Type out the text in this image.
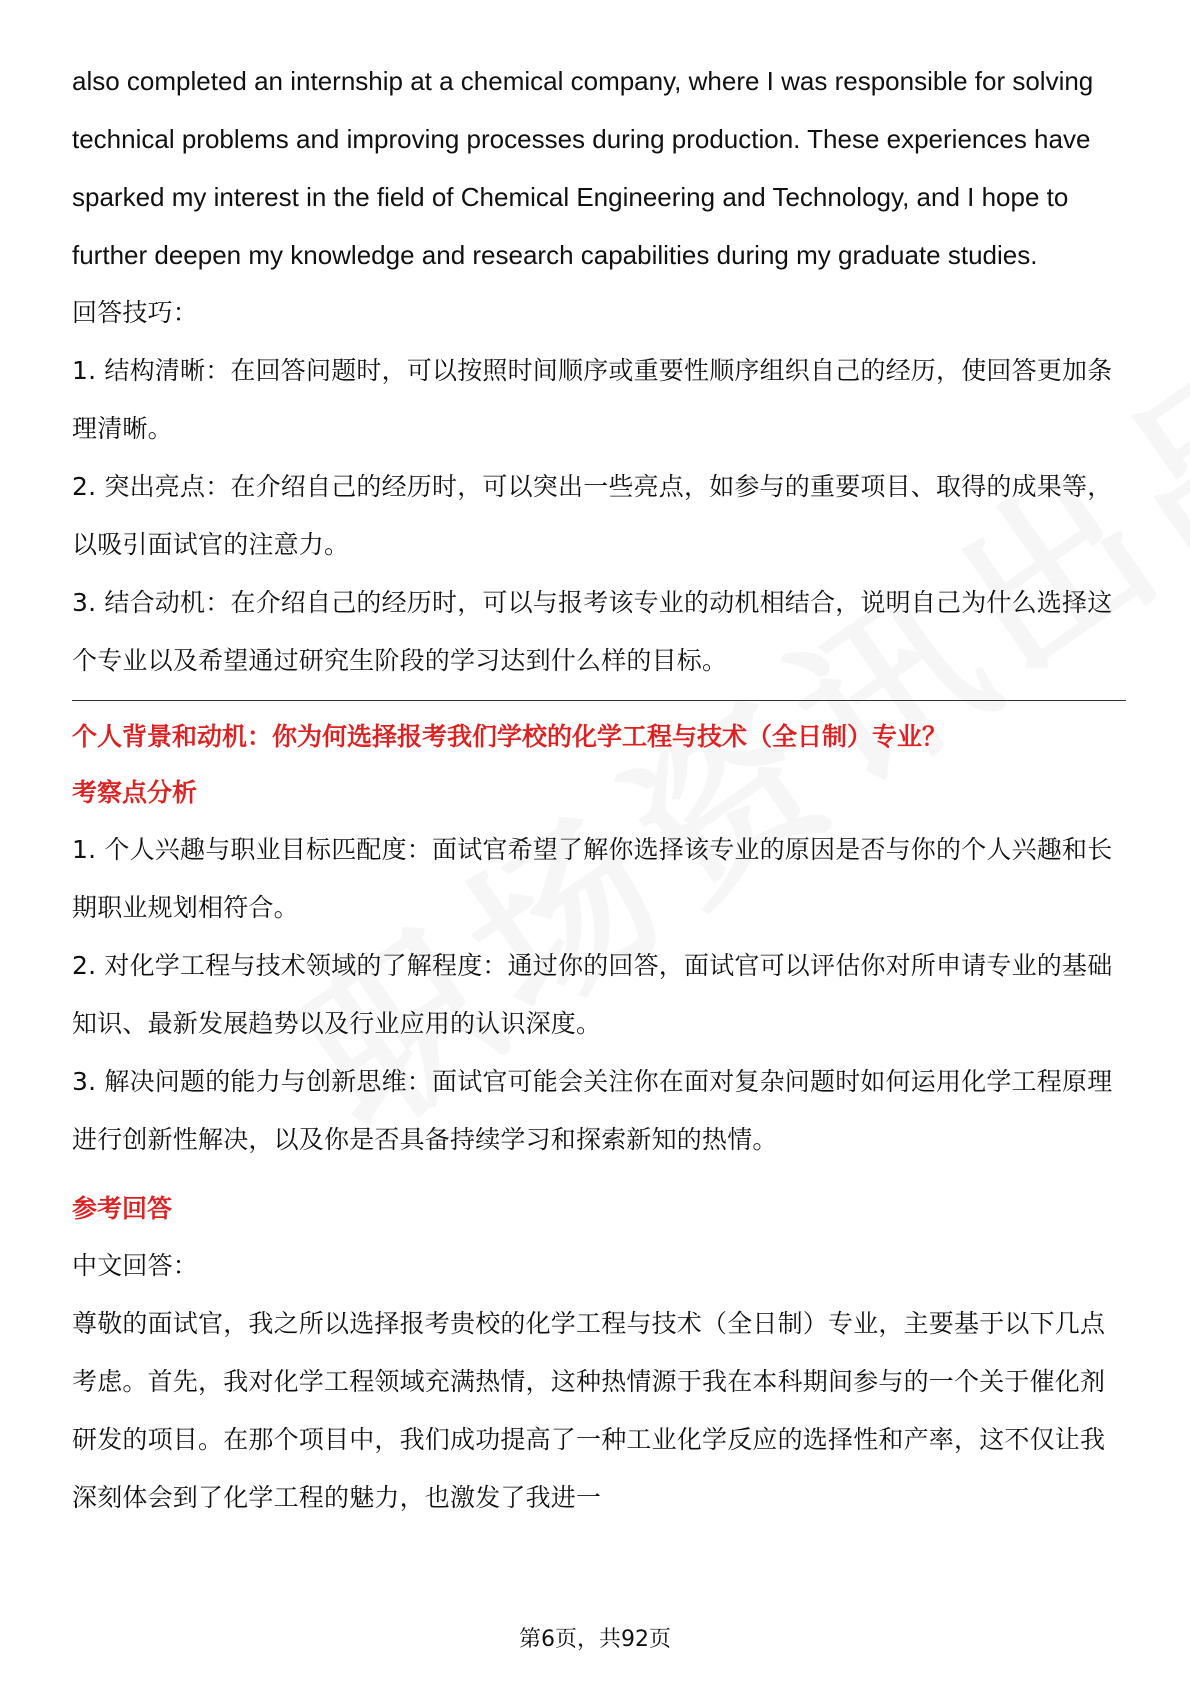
also completed an internship at a chemical company, where I was responsible for solving technical problems and improving processes during production. These experiences have sparked my interest in the field of Chemical Engineering and Technology, and I hope to further deepen my knowledge and research capabilities during my graduate studies.

回答技巧：

1. 结构清晰：在回答问题时，可以按照时间顺序或重要性顺序组织自己的经历，使回答更加条理清晰。

2. 突出亮点：在介绍自己的经历时，可以突出一些亮点，如参与的重要项目、取得的成果等，以吸引面试官的注意力。

3. 结合动机：在介绍自己的经历时，可以与报考该专业的动机相结合，说明自己为什么选择这个专业以及希望通过研究生阶段的学习达到什么样的目标。

个人背景和动机：你为何选择报考我们学校的化学工程与技术（全日制）专业？

考察点分析

1. 个人兴趣与职业目标匹配度：面试官希望了解你选择该专业的原因是否与你的个人兴趣和长期职业规划相符合。

2. 对化学工程与技术领域的了解程度：通过你的回答，面试官可以评估你对所申请专业的基础知识、最新发展趋势以及行业应用的认识深度。

3. 解决问题的能力与创新思维：面试官可能会关注你在面对复杂问题时如何运用化学工程原理进行创新性解决，以及你是否具备持续学习和探索新知的热情。

参考回答

中文回答：

尊敬的面试官，我之所以选择报考贵校的化学工程与技术（全日制）专业，主要基于以下几点考虑。首先，我对化学工程领域充满热情，这种热情源于我在本科期间参与的一个关于催化剂研发的项目。在那个项目中，我们成功提高了一种工业化学反应的选择性和产率，这不仅让我深刻体会到了化学工程的魅力，也激发了我进一

第6页，共92页
